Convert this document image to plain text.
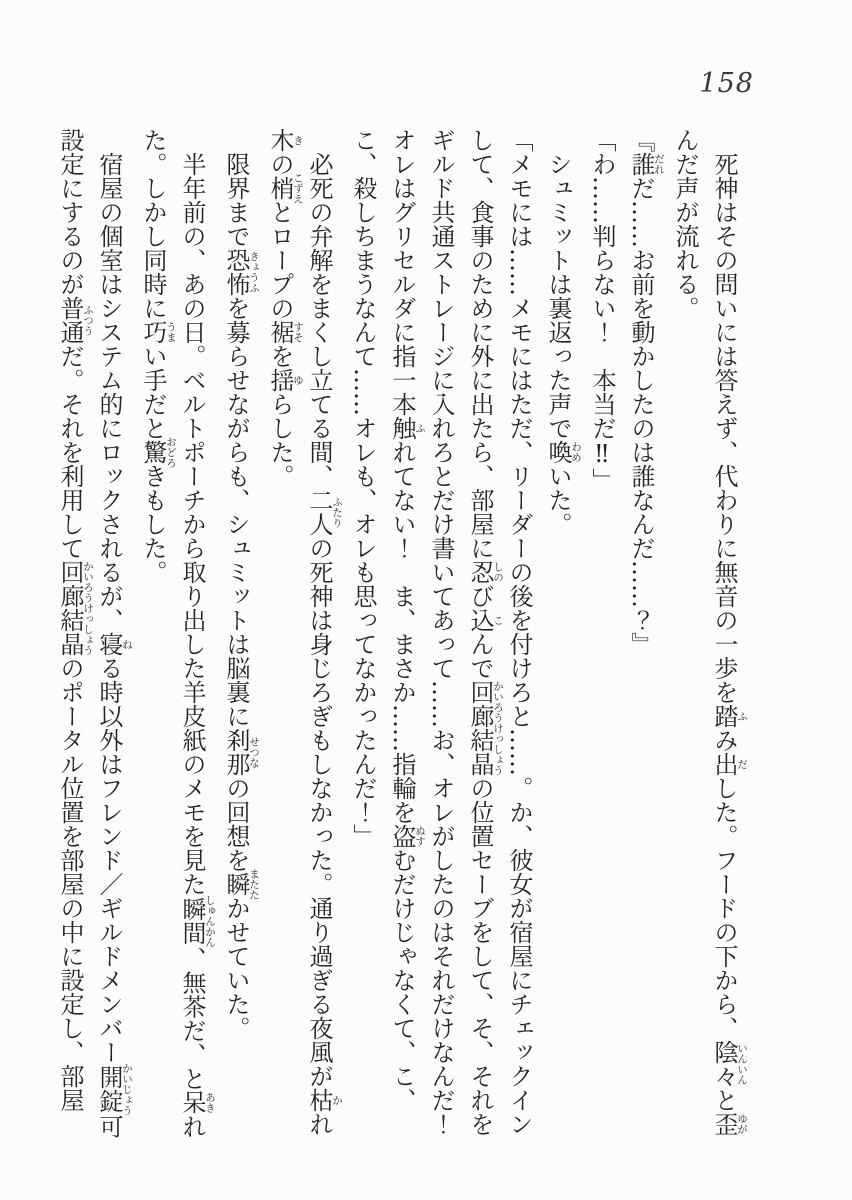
158

死神はその問いには答えず、代わりに無音の一歩を踏ふみ出だした。フードの下から、陰々いんいんと歪ゆがんだ声が流れる。

『誰だれだ……お前を動かしたのは誰なんだ……？』

「わ……判らない！　本当だ‼」

シュミットは裏返った声で喚わめいた。

「メモには……メモにはただ、リーダーの後を付けろと……。か、彼女が宿屋にチェックインして、食事のために外に出たら、部屋に忍しのび込こんで回廊結晶かいろうけっしょうの位置セーブをして、そ、それをギルド共通ストレージに入れろとだけ書いてあって……お、オレがしたのはそれだけなんだ！　オレはグリセルダに指一本触ふれてない！　ま、まさか……指輪を盗ぬすむだけじゃなくて、こ、こ、殺しちまうなんて……オレも、オレも思ってなかったんだ！」

必死の弁解をまくし立てる間、二人ふたりの死神は身じろぎもしなかった。通り過ぎる夜風が枯かれ木きの梢こずえとロープの裾すそを揺ゆらした。

限界まで恐怖きょうふを募らせながらも、シュミットは脳裏に刹那せつなの回想を瞬またたかせていた。

半年前の、あの日。ベルトポーチから取り出した羊皮紙のメモを見た瞬間しゅんかん、無茶だ、と呆あきれた。しかし同時に巧うまい手だと驚おどろきもした。

宿屋の個室はシステム的にロックされるが、寝ねる時以外はフレンド／ギルドメンバー開錠かいじょう可設定にするのが普通ふつうだ。それを利用して回廊結晶かいろうけっしょうのポータル位置を部屋の中に設定し、部屋
